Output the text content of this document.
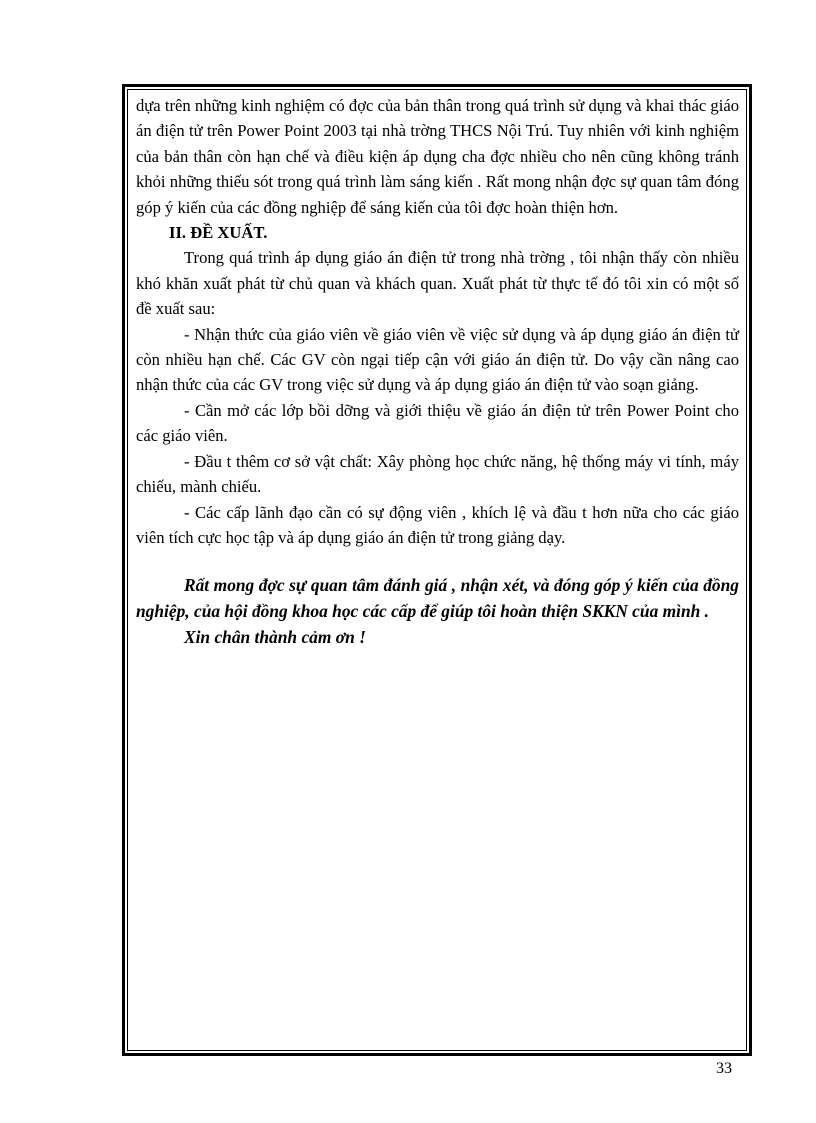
dựa trên những kinh nghiệm có đợc của bản thân trong quá trình sử dụng và khai thác giáo án điện tử trên Power Point 2003 tại nhà trờng THCS Nội Trú. Tuy nhiên với kinh nghiệm của bản thân còn hạn chế và điều kiện áp dụng cha đợc nhiều cho nên cũng không tránh khỏi những thiếu sót trong quá trình làm sáng kiến . Rất mong nhận đợc sự quan tâm đóng góp ý kiến của các đồng nghiệp để sáng kiến của tôi đợc hoàn thiện hơn.

II. ĐỀ XUẤT.

Trong quá trình áp dụng giáo án điện tử trong nhà trờng , tôi nhận thấy còn nhiều khó khăn xuất phát từ chủ quan và khách quan. Xuất phát từ thực tế đó tôi xin có một số đề xuất sau:

- Nhận thức của giáo viên về giáo viên về việc sử dụng và áp dụng giáo án điện tử còn nhiều hạn chế. Các GV còn ngại tiếp cận với giáo án điện tử. Do vậy cần nâng cao nhận thức của các GV trong việc sử dụng và áp dụng giáo án điện tử vào soạn giảng.

- Cần mở các lớp bồi dỡng và giới thiệu về giáo án điện tử trên Power Point cho các giáo viên.

- Đầu t thêm cơ sở vật chất: Xây phòng học chức năng, hệ thống máy vi tính, máy chiếu, mành chiếu.

- Các cấp lãnh đạo cần có sự động viên , khích lệ và đầu t hơn nữa cho các giáo viên tích cực học tập và áp dụng giáo án điện tử trong giảng dạy.

Rất mong đợc sự quan tâm đánh giá , nhận xét, và đóng góp ý kiến của đồng nghiệp, của hội đồng khoa học các cấp để giúp tôi hoàn thiện SKKN của mình .

Xin chân thành cảm ơn !

33
